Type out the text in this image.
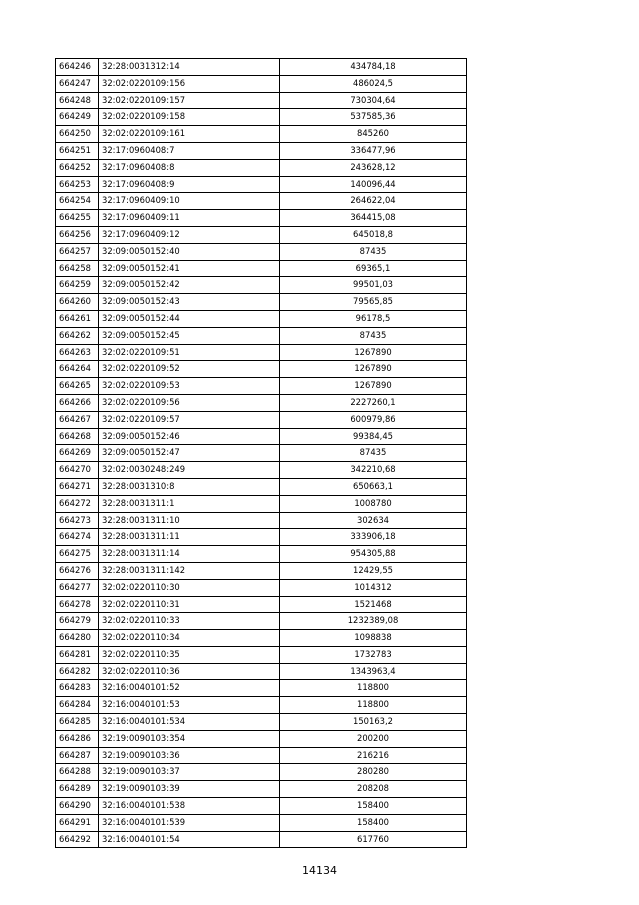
664246	32:28:0031312:14	434784,18
664247	32:02:0220109:156	486024,5
664248	32:02:0220109:157	730304,64
664249	32:02:0220109:158	537585,36
664250	32:02:0220109:161	845260
664251	32:17:0960408:7	336477,96
664252	32:17:0960408:8	243628,12
664253	32:17:0960408:9	140096,44
664254	32:17:0960409:10	264622,04
664255	32:17:0960409:11	364415,08
664256	32:17:0960409:12	645018,8
664257	32:09:0050152:40	87435
664258	32:09:0050152:41	69365,1
664259	32:09:0050152:42	99501,03
664260	32:09:0050152:43	79565,85
664261	32:09:0050152:44	96178,5
664262	32:09:0050152:45	87435
664263	32:02:0220109:51	1267890
664264	32:02:0220109:52	1267890
664265	32:02:0220109:53	1267890
664266	32:02:0220109:56	2227260,1
664267	32:02:0220109:57	600979,86
664268	32:09:0050152:46	99384,45
664269	32:09:0050152:47	87435
664270	32:02:0030248:249	342210,68
664271	32:28:0031310:8	650663,1
664272	32:28:0031311:1	1008780
664273	32:28:0031311:10	302634
664274	32:28:0031311:11	333906,18
664275	32:28:0031311:14	954305,88
664276	32:28:0031311:142	12429,55
664277	32:02:0220110:30	1014312
664278	32:02:0220110:31	1521468
664279	32:02:0220110:33	1232389,08
664280	32:02:0220110:34	1098838
664281	32:02:0220110:35	1732783
664282	32:02:0220110:36	1343963,4
664283	32:16:0040101:52	118800
664284	32:16:0040101:53	118800
664285	32:16:0040101:534	150163,2
664286	32:19:0090103:354	200200
664287	32:19:0090103:36	216216
664288	32:19:0090103:37	280280
664289	32:19:0090103:39	208208
664290	32:16:0040101:538	158400
664291	32:16:0040101:539	158400
664292	32:16:0040101:54	617760
14134
